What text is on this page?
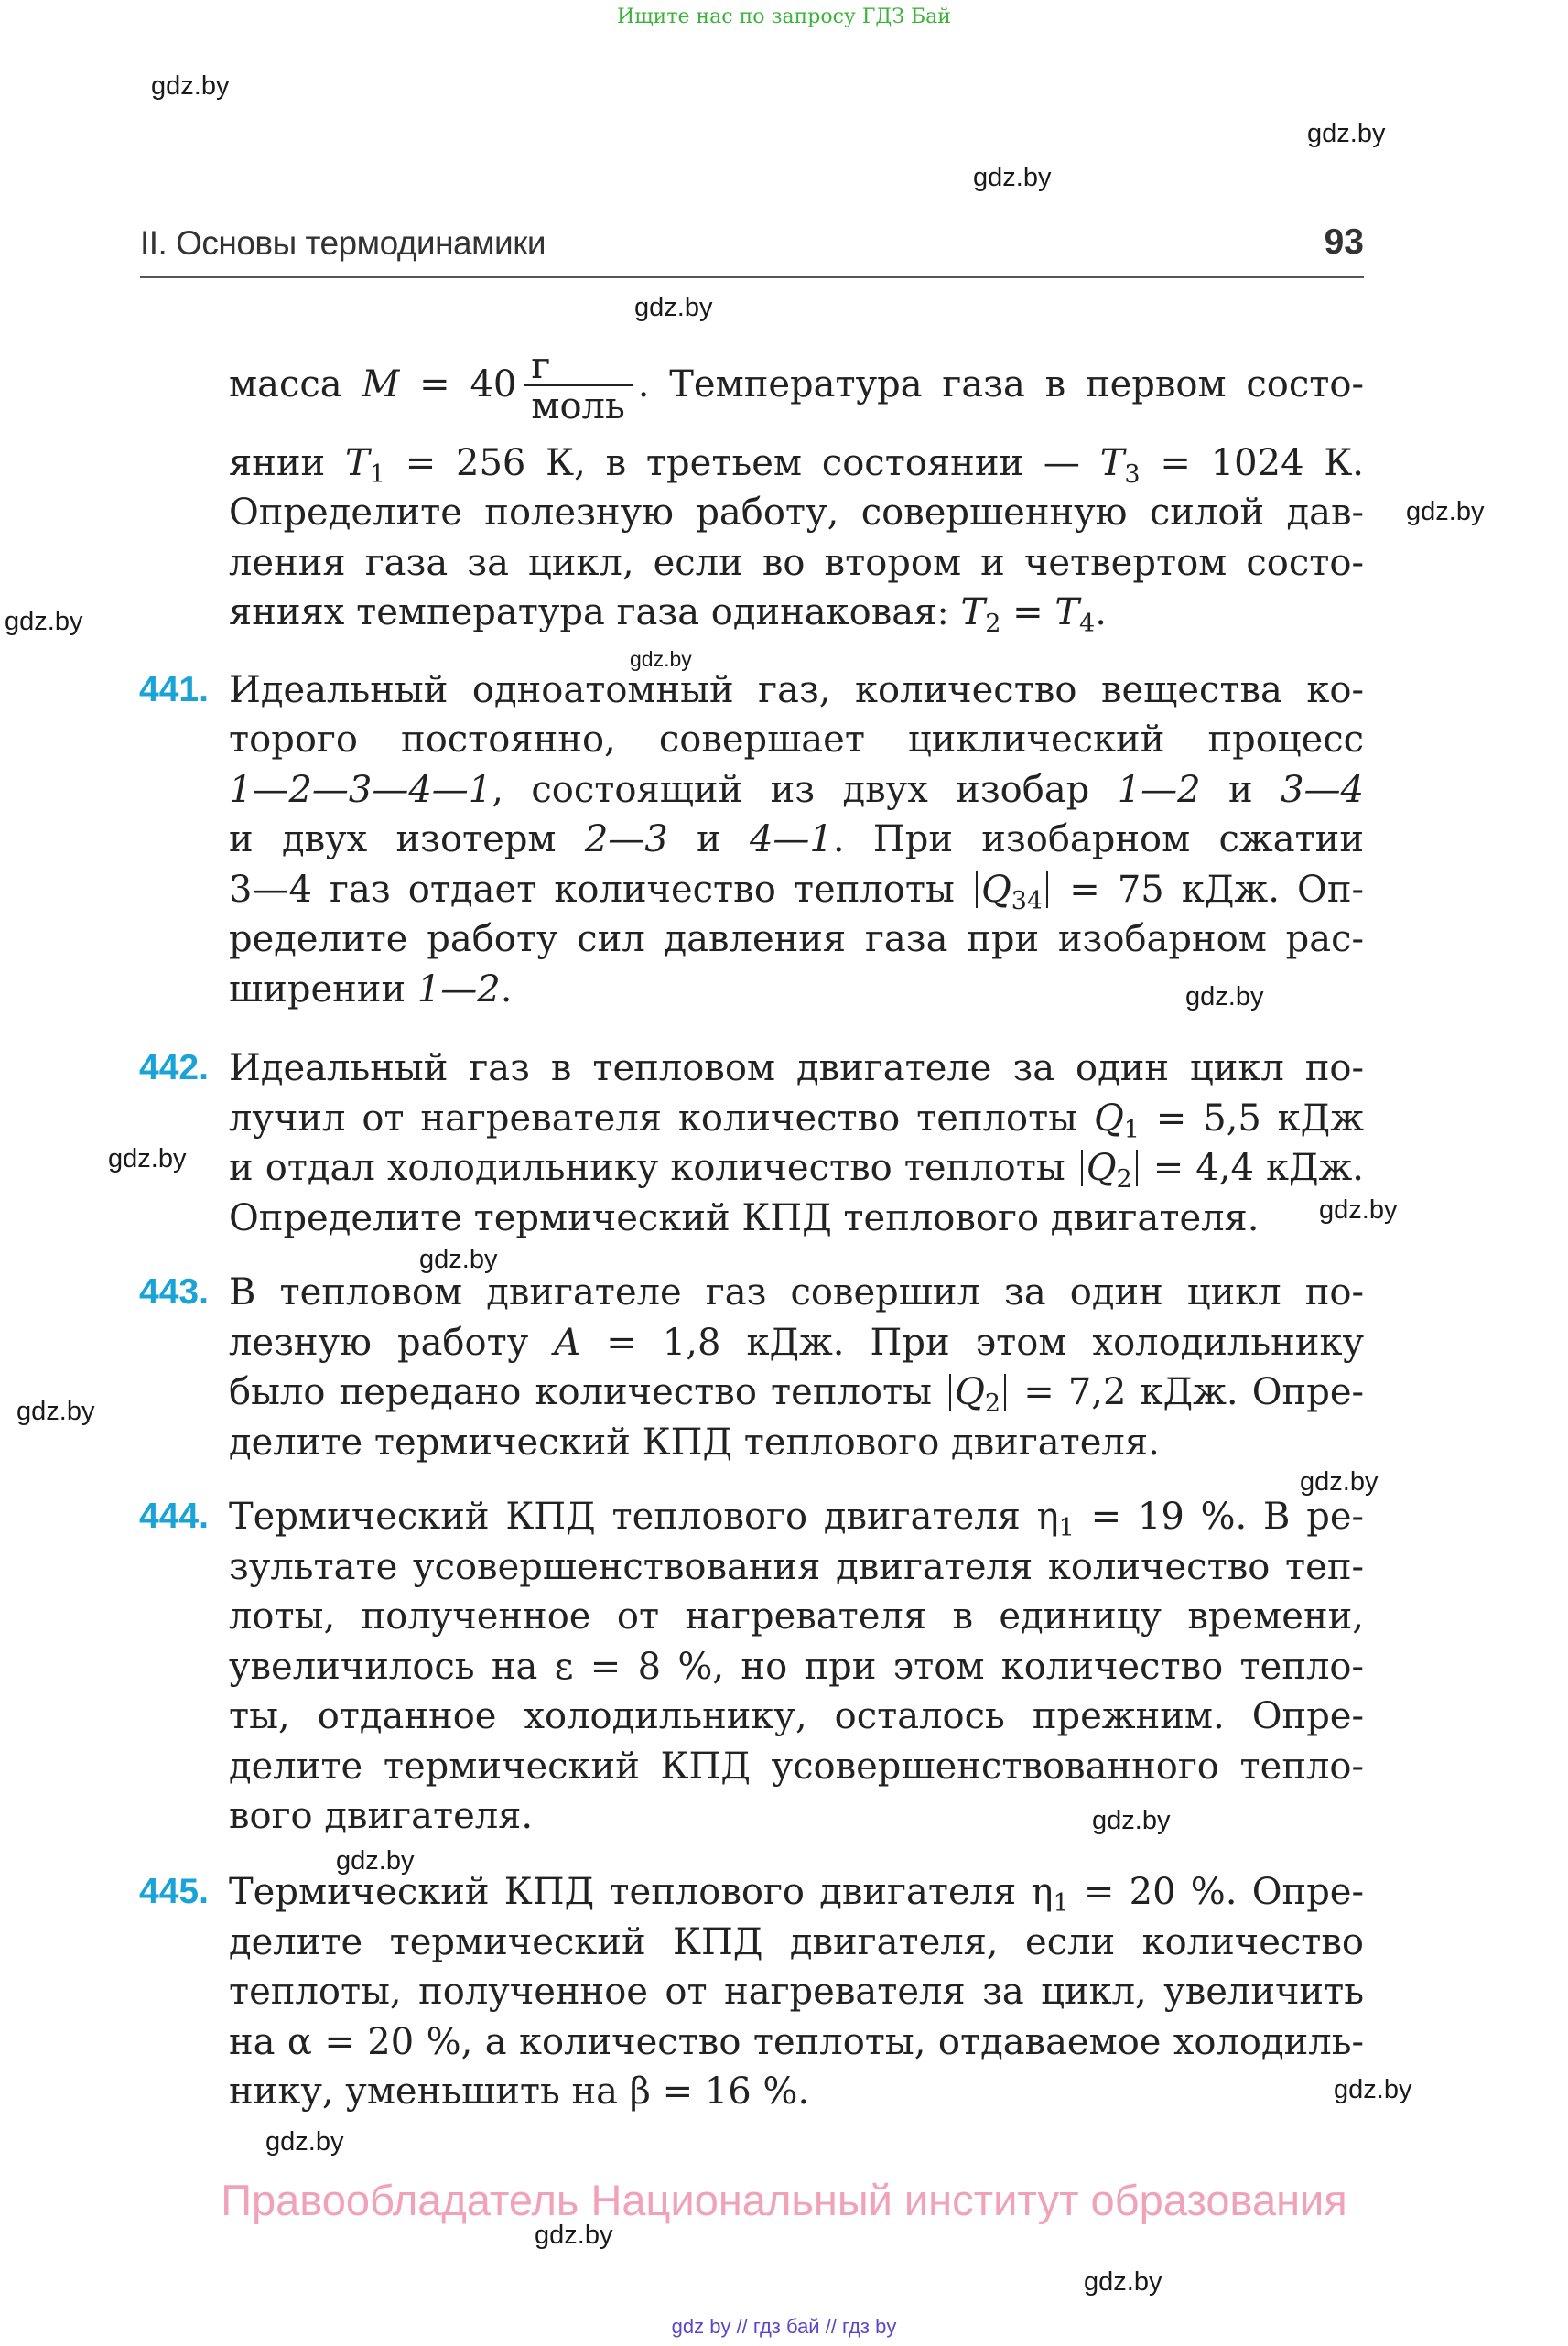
Ищите нас по запросу ГДЗ Бай
gdz.by
gdz.by
gdz.by
gdz.by
gdz.by
gdz.by
gdz.by
gdz.by
gdz.by
gdz.by
gdz.by
gdz.by
gdz.by
gdz.by
gdz.by
gdz.by
gdz.by
gdz.by
gdz.by
II. Основы термодинамики	93
масса $M = 40 \frac{г}{\text{моль}}$ . Температура газа в первом состо-
янии $T_1 = 256$ К, в третьем состоянии — $T_3 = 1024$ К.
Определите полезную работу, совершенную силой дав-
ления газа за цикл, если во втором и четвертом состо-
яниях температура газа одинаковая: $T_2 = T_4$.
441. Идеальный одноатомный газ, количество вещества ко-
торого постоянно, совершает циклический процесс
1—2—3—4—1, состоящий из двух изобар 1—2 и 3—4
и двух изотерм 2—3 и 4—1. При изобарном сжатии
3—4 газ отдает количество теплоты $Q_{34} = 75$ кДж. Оп-
ределите работу сил давления газа при изобарном рас-
ширении 1—2.
442. Идеальный газ в тепловом двигателе за один цикл по-
лучил от нагревателя количество теплоты $Q_1 = 5,5$ кДж
и отдал холодильнику количество теплоты $Q_2 = 4,4$ кДж.
Определите термический КПД теплового двигателя.
443. В тепловом двигателе газ совершил за один цикл по-
лезную работу A = 1,8 кДж. При этом холодильнику
было передано количество теплоты $Q_2 = 7,2$ кДж. Опре-
делите термический КПД теплового двигателя.
444. Термический КПД теплового двигателя $\eta_1 = 19$ %. В ре-
зультате усовершенствования двигателя количество теп-
лоты, полученное от нагревателя в единицу времени,
увеличилось на ε = 8 %, но при этом количество тепло-
ты, отданное холодильнику, осталось прежним. Опре-
делите термический КПД усовершенствованного тепло-
вого двигателя.
445. Термический КПД теплового двигателя $\eta_1 = 20$ %. Опре-
делите термический КПД двигателя, если количество
теплоты, полученное от нагревателя за цикл, увеличить
на α = 20 %, а количество теплоты, отдаваемое холодиль-
нику, уменьшить на β = 16 %.
Правообладатель Национальный институт образования
gdz by // гдз бай // гдз by
